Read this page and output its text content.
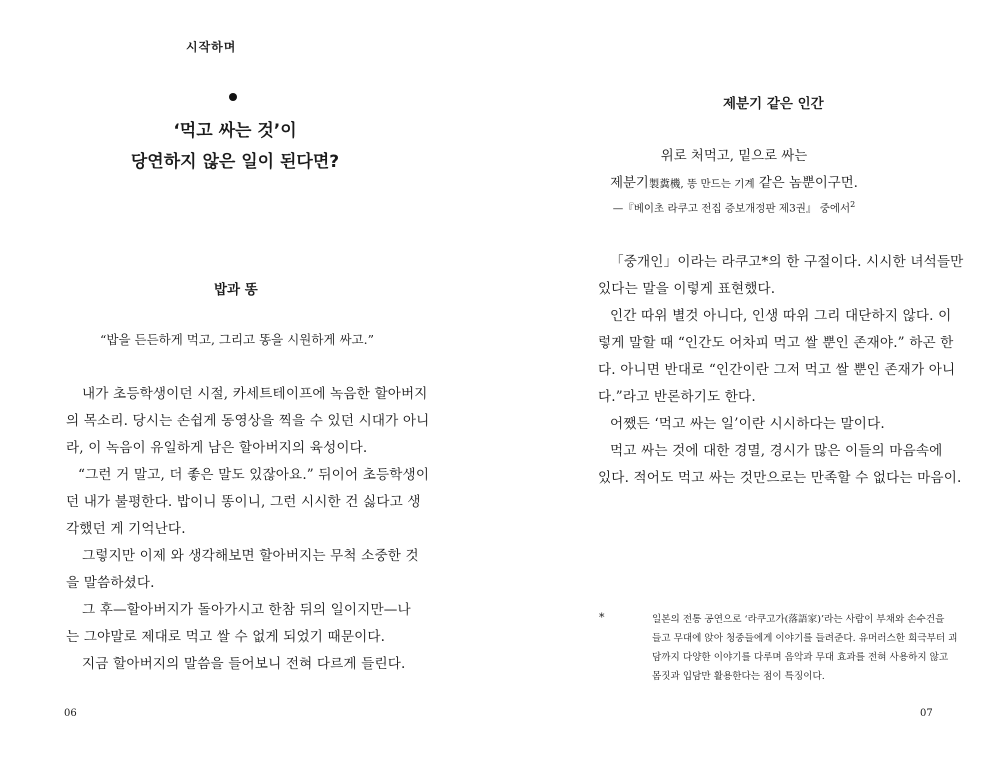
시작하며
‘먹고 싸는 것’이
당연하지 않은 일이 된다면?
밥과 똥
“밥을 든든하게 먹고, 그리고 똥을 시원하게 싸고.”
내가 초등학생이던 시절, 카세트테이프에 녹음한 할아버지
의 목소리. 당시는 손쉽게 동영상을 찍을 수 있던 시대가 아니
라, 이 녹음이 유일하게 남은 할아버지의 육성이다.
“그런 거 말고, 더 좋은 말도 있잖아요.” 뒤이어 초등학생이
던 내가 불평한다. 밥이니 똥이니, 그런 시시한 건 싫다고 생
각했던 게 기억난다.
그렇지만 이제 와 생각해보면 할아버지는 무척 소중한 것
을 말씀하셨다.
그 후—할아버지가 돌아가시고 한참 뒤의 일이지만—나
는 그야말로 제대로 먹고 쌀 수 없게 되었기 때문이다.
지금 할아버지의 말씀을 들어보니 전혀 다르게 들린다.
06
제분기 같은 인간
위로 처먹고, 밑으로 싸는
제분기製糞機, 똥 만드는 기계 같은 놈뿐이구먼.
—『베이초 라쿠고 전집 증보개정판 제3권』 중에서$^2$
「중개인」이라는 라쿠고*의 한 구절이다. 시시한 녀석들만
있다는 말을 이렇게 표현했다.
인간 따위 별것 아니다, 인생 따위 그리 대단하지 않다. 이
렇게 말할 때 “인간도 어차피 먹고 쌀 뿐인 존재야.” 하곤 한
다. 아니면 반대로 “인간이란 그저 먹고 쌀 뿐인 존재가 아니
다.”라고 반론하기도 한다.
어쨌든 ‘먹고 싸는 일’이란 시시하다는 말이다.
먹고 싸는 것에 대한 경멸, 경시가 많은 이들의 마음속에
있다. 적어도 먹고 싸는 것만으로는 만족할 수 없다는 마음이.
*	일본의 전통 공연으로 ‘라쿠고가(落語家)’라는 사람이 부채와 손수건을
들고 무대에 앉아 청중들에게 이야기를 들려준다. 유머러스한 희극부터 괴
담까지 다양한 이야기를 다루며 음악과 무대 효과를 전혀 사용하지 않고
몸짓과 입담만 활용한다는 점이 특징이다.
07
